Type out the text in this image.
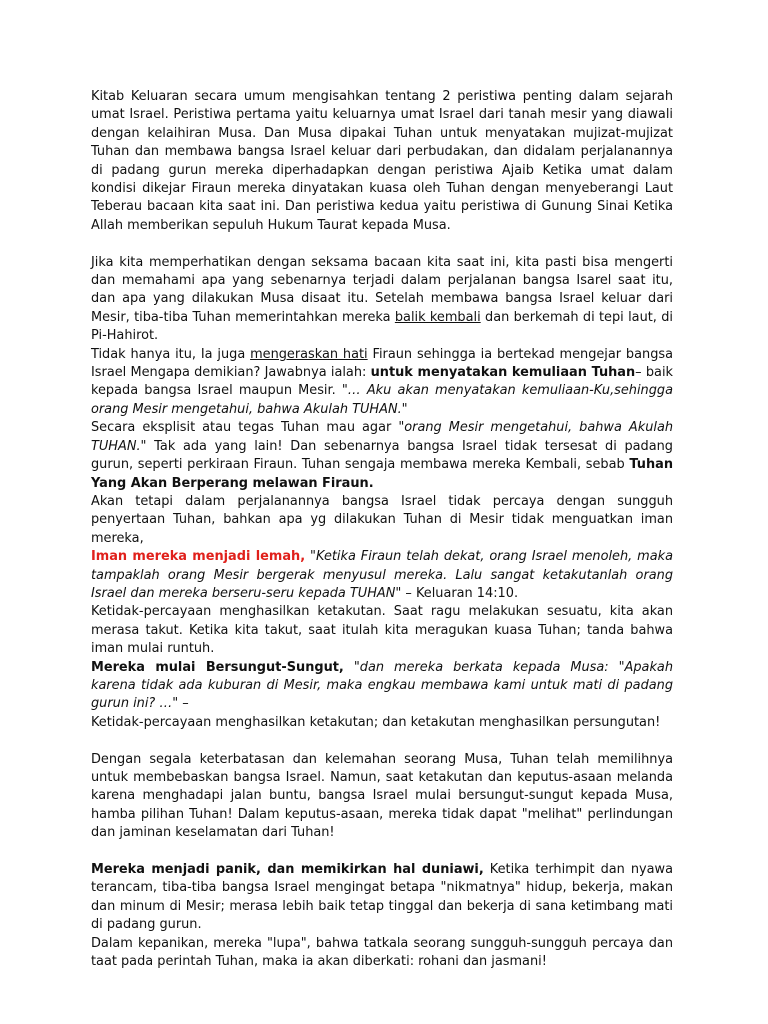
Kitab Keluaran secara umum mengisahkan tentang 2 peristiwa penting dalam sejarah umat Israel. Peristiwa pertama yaitu keluarnya umat Israel dari tanah mesir yang diawali dengan kelaihiran Musa. Dan Musa dipakai Tuhan untuk menyatakan mujizat-mujizat Tuhan dan membawa bangsa Israel keluar dari perbudakan, dan didalam perjalanannya di padang gurun mereka diperhadapkan dengan peristiwa Ajaib Ketika umat dalam kondisi dikejar Firaun mereka dinyatakan kuasa oleh Tuhan dengan menyeberangi Laut Teberau bacaan kita saat ini. Dan peristiwa kedua yaitu peristiwa di Gunung Sinai Ketika Allah memberikan sepuluh Hukum Taurat kepada Musa.

Jika kita memperhatikan dengan seksama bacaan kita saat ini, kita pasti bisa mengerti dan memahami apa yang sebenarnya terjadi dalam perjalanan bangsa Isarel saat itu, dan apa yang dilakukan Musa disaat itu. Setelah membawa bangsa Israel keluar dari Mesir, tiba-tiba Tuhan memerintahkan mereka balik kembali dan berkemah di tepi laut, di Pi-Hahirot.

Tidak hanya itu, Ia juga mengeraskan hati Firaun sehingga ia bertekad mengejar bangsa Israel Mengapa demikian? Jawabnya ialah: untuk menyatakan kemuliaan Tuhan– baik kepada bangsa Israel maupun Mesir. "… Aku akan menyatakan kemuliaan-Ku,sehingga orang Mesir mengetahui, bahwa Akulah TUHAN."

Secara eksplisit atau tegas Tuhan mau agar "orang Mesir mengetahui, bahwa Akulah TUHAN." Tak ada yang lain! Dan sebenarnya bangsa Israel tidak tersesat di padang gurun, seperti perkiraan Firaun. Tuhan sengaja membawa mereka Kembali, sebab Tuhan Yang Akan Berperang melawan Firaun.

Akan tetapi dalam perjalanannya bangsa Israel tidak percaya dengan sungguh penyertaan Tuhan, bahkan apa yg dilakukan Tuhan di Mesir tidak menguatkan iman mereka,

Iman mereka menjadi lemah, "Ketika Firaun telah dekat, orang Israel menoleh, maka tampaklah orang Mesir bergerak menyusul mereka. Lalu sangat ketakutanlah orang Israel dan mereka berseru-seru kepada TUHAN" – Keluaran 14:10.

Ketidak-percayaan menghasilkan ketakutan. Saat ragu melakukan sesuatu, kita akan merasa takut. Ketika kita takut, saat itulah kita meragukan kuasa Tuhan; tanda bahwa iman mulai runtuh.

Mereka mulai Bersungut-Sungut, "dan mereka berkata kepada Musa: "Apakah karena tidak ada kuburan di Mesir, maka engkau membawa kami untuk mati di padang gurun ini? …" –

Ketidak-percayaan menghasilkan ketakutan; dan ketakutan menghasilkan persungutan!

Dengan segala keterbatasan dan kelemahan seorang Musa, Tuhan telah memilihnya untuk membebaskan bangsa Israel. Namun, saat ketakutan dan keputus-asaan melanda karena menghadapi jalan buntu, bangsa Israel mulai bersungut-sungut kepada Musa, hamba pilihan Tuhan! Dalam keputus-asaan, mereka tidak dapat "melihat" perlindungan dan jaminan keselamatan dari Tuhan!

Mereka menjadi panik, dan memikirkan hal duniawi, Ketika terhimpit dan nyawa terancam, tiba-tiba bangsa Israel mengingat betapa "nikmatnya" hidup, bekerja, makan dan minum di Mesir; merasa lebih baik tetap tinggal dan bekerja di sana ketimbang mati di padang gurun.

Dalam kepanikan, mereka "lupa", bahwa tatkala seorang sungguh-sungguh percaya dan taat pada perintah Tuhan, maka ia akan diberkati: rohani dan jasmani!
